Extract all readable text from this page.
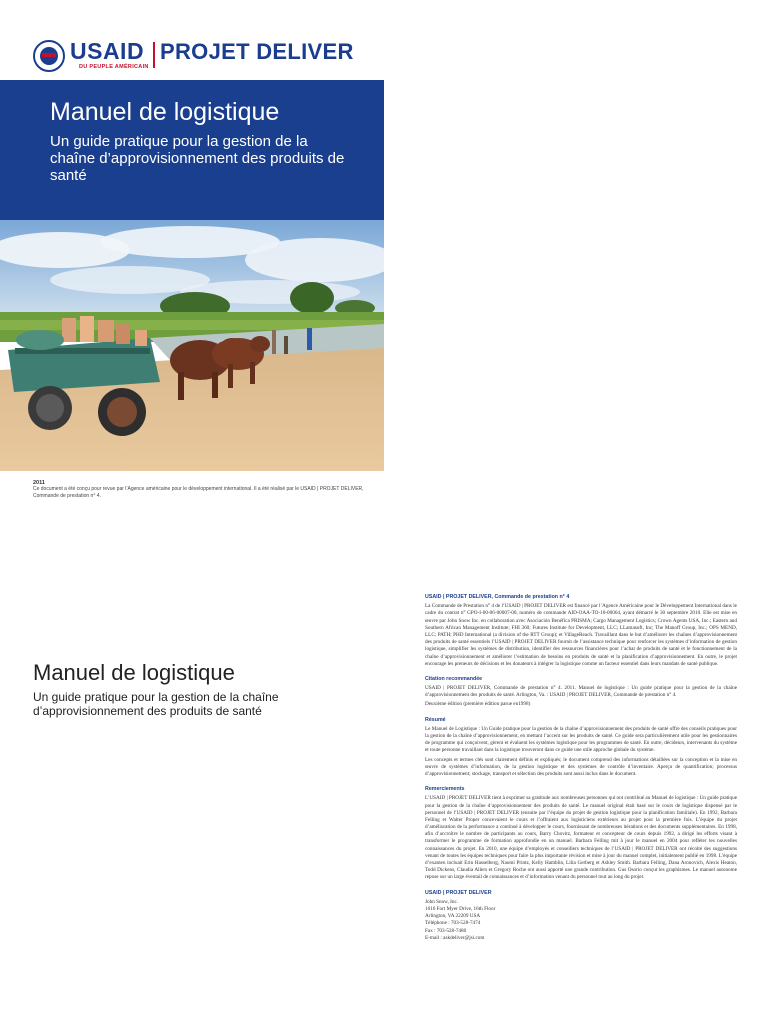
USAID
DU PEUPLE AMÉRICAIN
PROJET DELIVER
Manuel de logistique
Un guide pratique pour la gestion de la chaîne d’approvisionnement des produits de santé
2011
Ce document a été conçu pour revue par l’Agence américaine pour le développement international. Il a été réalisé par le USAID | PROJET DELIVER, Commande de prestation n° 4.
Manuel de logistique
Un guide pratique pour la gestion de la chaîne d’approvisionnement des produits de santé
USAID | PROJET DELIVER, Commande de prestation n° 4

La Commande de Prestation n° 4 de l’USAID | PROJET DELIVER est financé par l’Agence Américaine pour le Développement International dans le cadre du contrat n° GPO-I-00-06-00007-00, numéro de commande AID-OAA-TO-10-00064, ayant démarré le 30 septembre 2010. Elle est mise en œuvre par John Snow Inc. en collaboration avec Asociación Benéfica PRISMA; Cargo Management Logistics; Crown Agents USA, Inc.; Eastern and Southern African Management Institute; FHI 360; Futures Institute for Development, LLC; LLamasoft, Inc; The Manoff Group, Inc.; OPS MEND, LLC; PATH; PHD International (a division of the RTT Group); et VillageReach. Travaillant dans le but d’améliorer les chaînes d’approvisionnement des produits de santé essentiels l’USAID | PROJET DELIVER fournit de l’assistance technique pour renforcer les systèmes d’information de gestion logistique, simplifier les systèmes de distribution, identifier des ressources financières pour l’achat de produits de santé et le fonctionnement de la chaîne d’approvisionnement et améliorer l’estimation de besoins en produits de santé et la planification d’approvisionnement. En outre, le projet encourage les preneurs de décisions et les donateurs à intégrer la logistique comme un facteur essentiel dans leurs mandats de santé publique.

Citation recommandée

USAID | PROJET DELIVER, Commande de prestation n° 4. 2011. Manuel de logistique : Un guide pratique pour la gestion de la chaîne d’approvisionnement des produits de santé. Arlington, Va. : USAID | PROJET DELIVER, Commande de prestation n° 4.

Deuxième édition (première édition parue en1998)

Résumé

Le Manuel de Logistique : Un Guide pratique pour la gestion de la chaîne d’approvisionnement des produits de santé offre des conseils pratiques pour la gestion de la chaîne d’approvisionnement, en mettant l’accent sur les produits de santé. Ce guide sera particulièrement utile pour les gestionnaires de programme qui conçoivent, gèrent et évaluent les systèmes logistique pour les programmes de santé. En outre, décideurs, intervenants du système et toute personne travaillant dans la logistique trouveront dans ce guide une utile approche globale du système.

Les concepts et termes clés sont clairement définis et expliqués; le document comprend des informations détaillées sur la conception et la mise en œuvre de systèmes d’information, de la gestion logistique et des systèmes de contrôle d’inventaire. Aperçu de quantification; processus d’approvisionnement; stockage, transport et sélection des produits sont aussi inclus dans le document.

Remerciements

L’USAID | PROJET DELIVER tient à exprimer sa gratitude aux nombreuses personnes qui ont contribué au Manuel de logistique : Un guide pratique pour la gestion de la chaîne d’approvisionnement des produits de santé. Le manuel original était basé sur le cours de logistique dispensé par le personnel de l’USAID | PROJET DELIVER (ensuite par l’équipe du projet de gestion logistique pour la planification familiale). En 1992, Barbara Felling et Walter Proper concevaient le cours et l’offraient aux logisticiens extérieurs au projet pour la première fois. L’équipe du projet d’amélioration de la performance a continué à développer le cours, fournissant de nombreuses itérations et des documents supplémentaires. En 1998, afin d’accroître le nombre de participants au cours, Barry Chovitz, formateur et concepteur de cours depuis 1992, a dirigé les efforts visant à transformer le programme de formation approfondie en un manuel. Barbara Felling mit à jour le manuel en 2004 pour refléter les nouvelles connaissances du projet. En 2010, une équipe d’employés et conseillers techniques de l’USAID | PROJET DELIVER ont récolté des suggestions venant de toutes les équipes techniques pour faire la plus importante révision et mise à jour du manuel complet, initialement publié en 1998. L’équipe d’examen incluait Erin Hasselberg, Naomi Printz, Kelly Hamblin, Lilia Gerberg et Ashley Smith. Barbara Felling, Dana Aronovich, Alexis Heaton, Todd Dickens, Claudia Allers et Gregory Roche ont aussi apporté une grande contribution. Gus Osorio conçut les graphismes. Le manuel autonome repose sur un large éventail de connaissances et d’information venant du personnel tout au long du projet.

USAID | PROJET DELIVER

John Snow, Inc.

1616 Fort Myer Drive, 16th Floor

Arlington, VA 22209 USA

Téléphone : 703-528-7474

Fax : 703-528-7480

E-mail : askdeliver@jsi.com
